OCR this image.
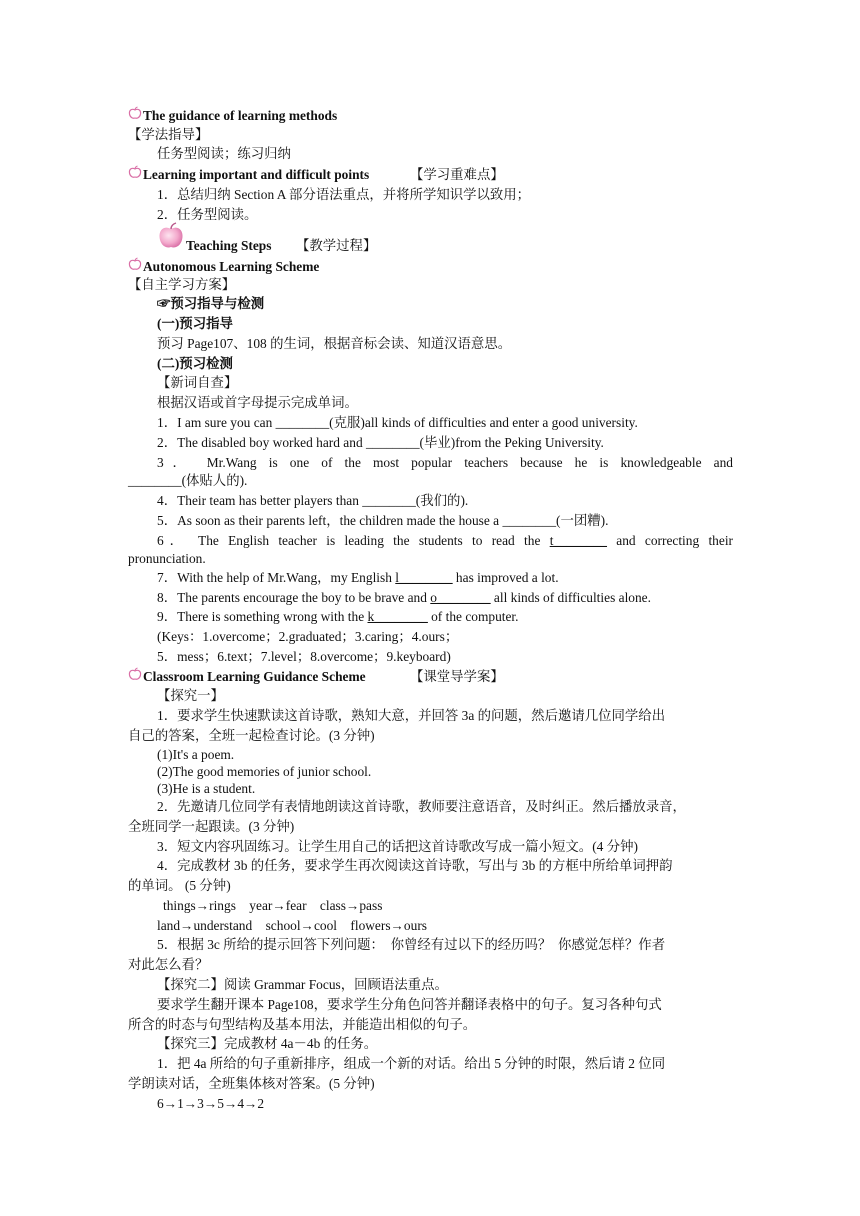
The guidance of learning methods
【学法指导】
任务型阅读；练习归纳
Learning important and difficult points	【学习重难点】
1．总结归纳 Section A 部分语法重点，并将所学知识学以致用；
2．任务型阅读。
Teaching Steps 【教学过程】
Autonomous Learning Scheme
【自主学习方案】
☞预习指导与检测
(一)预习指导
预习 Page107、108 的生词，根据音标会读、知道汉语意思。
(二)预习检测
【新词自查】
根据汉语或首字母提示完成单词。
1．I am sure you can ________(克服)all kinds of difficulties and enter a good university.
2．The disabled boy worked hard and ________(毕业)from the Peking University.
3． Mr.Wang is one of the most popular teachers because he is knowledgeable and
________(体贴人的).
4．Their team has better players than ________(我们的).
5．As soon as their parents left，the children made the house a ________(一团糟).
6． The English teacher is leading the students to read the t________ and correcting their
pronunciation.
7．With the help of Mr.Wang，my English l________ has improved a lot.
8．The parents encourage the boy to be brave and o________ all kinds of difficulties alone.
9．There is something wrong with the k________ of the computer.
(Keys：1.overcome；2.graduated；3.caring；4.ours；
5．mess；6.text；7.level；8.overcome；9.keyboard)
Classroom Learning Guidance Scheme	【课堂导学案】
【探究一】
1．要求学生快速默读这首诗歌，熟知大意，并回答 3a 的问题，然后邀请几位同学给出
自己的答案，全班一起检查讨论。(3 分钟)
(1)It's a poem.
(2)The good memories of junior school.
(3)He is a student.
2．先邀请几位同学有表情地朗读这首诗歌，教师要注意语音，及时纠正。然后播放录音，
全班同学一起跟读。(3 分钟)
3．短文内容巩固练习。让学生用自己的话把这首诗歌改写成一篇小短文。(4 分钟)
4．完成教材 3b 的任务，要求学生再次阅读这首诗歌，写出与 3b 的方框中所给单词押韵
的单词。 (5 分钟)
things→rings    year→fear    class→pass
land→understand    school→cool    flowers→ours
5．根据 3c 所给的提示回答下列问题：  你曾经有过以下的经历吗？  你感觉怎样？作者
对此怎么看？
【探究二】阅读 Grammar Focus，回顾语法重点。
要求学生翻开课本 Page108，要求学生分角色问答并翻译表格中的句子。复习各种句式
所含的时态与句型结构及基本用法，并能造出相似的句子。
【探究三】完成教材 4a－4b 的任务。
1．把 4a 所给的句子重新排序，组成一个新的对话。给出 5 分钟的时限，然后请 2 位同
学朗读对话，全班集体核对答案。(5 分钟)
6→1→3→5→4→2
